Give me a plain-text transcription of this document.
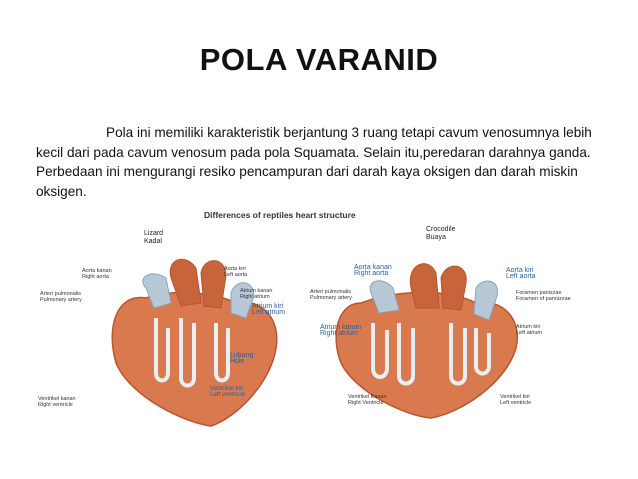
POLA VARANID
Pola ini memiliki karakteristik berjantung 3 ruang tetapi cavum venosumnya lebih kecil dari pada cavum venosum pada pola Squamata. Selain itu,peredaran darahnya ganda. Perbedaan ini mengurangi resiko pencampuran dari darah kaya oksigen dan darah miskin oksigen.
Differences of reptiles heart structure
Lizard
Kadal
Aorta kanan
Right aorta
Arteri pulmonalis
Pulmonary artery
Aorta kiri
Left aorta
Atrium kanan
Right atrium
Atrium kiri
Left atrium
Lubang
Hole
Ventrikel kanan
Right ventricle
Ventrikel kiri
Left ventricle
Crocodile
Buaya
Aorta kanan
Right aorta
Arteri pulmonalis
Pulmonary artery
Atrium kanan
Right atrium
Ventrikel Kanan
Right Ventricle
Aorta kiri
Left aorta
Foramen panizzae
Foramen of pannizzae
Atrium kiri
Left atrium
Ventrikel kiri
Left ventricle
